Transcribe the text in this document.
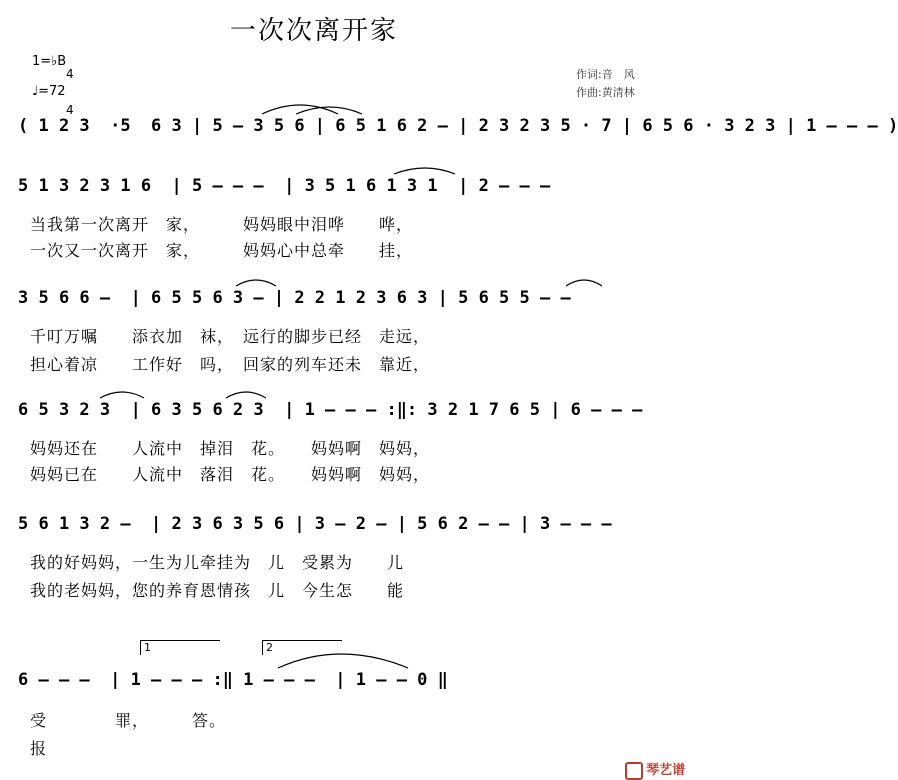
一次次离开家
1=♭B

4

4

♩=72
作词:音　风
作曲:黄清林
( 1 2 3  ·5  6 3 | 5 – 3 5 6 | 6 5 1 6 2 – | 2 3 2 3 5 · 7 | 6 5 6 · 3 2 3 | 1 – – – )
5 1 3 2 3 1 6  | 5 – – –  | 3 5 1 6 1 3 1  | 2 – – –
当我第一次离开　家，　　　妈妈眼中泪哗　　哗，
一次又一次离开　家，　　　妈妈心中总牵　　挂，
3 5 6 6 –  | 6 5 5 6 3 – | 2 2 1 2 3 6 3 | 5 6 5 5 – –
千叮万嘱　　添衣加　袜，　远行的脚步已经　走远，
担心着凉　　工作好　吗，　回家的列车还未　靠近，
6 5 3 2 3  | 6 3 5 6 2 3  | 1 – – – :‖: 3 2 1 7 6 5 | 6 – – –
妈妈还在　　人流中　掉泪　花。　　妈妈啊　妈妈，
妈妈已在　　人流中　落泪　花。　　妈妈啊　妈妈，
5 6 1 3 2 –  | 2 3 6 3 5 6 | 3 – 2 – | 5 6 2 – – | 3 – – –
我的好妈妈，一生为儿牵挂为　儿　受累为　　儿
我的老妈妈，您的养育恩情孩　儿　今生怎　　能
1	2
6 – – –  | 1 – – – :‖ 1 – – –  | 1 – – 0 ‖
受　　　　罪，　　　答。
报

琴艺谱
